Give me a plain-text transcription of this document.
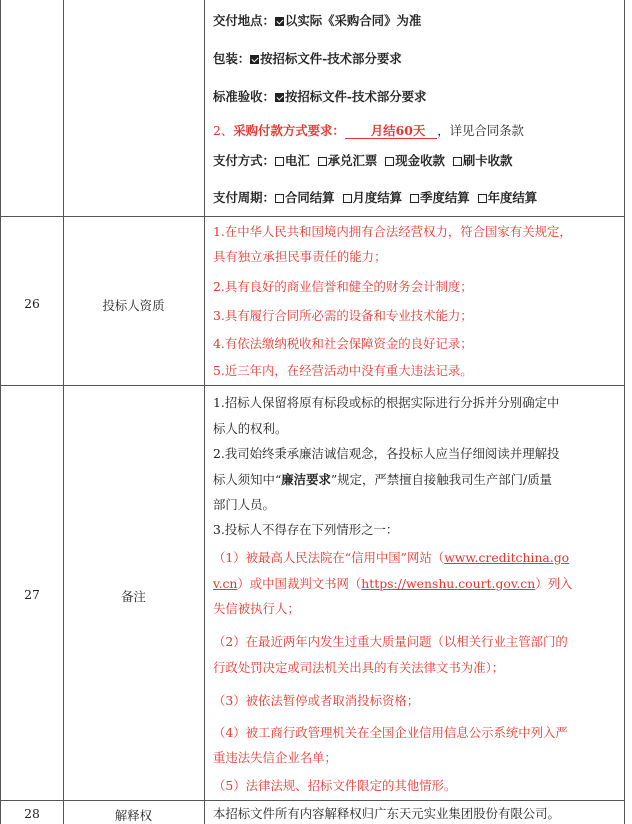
交付地点： 以实际《采购合同》为准
包装： 按招标文件-技术部分要求
标准验收： 按招标文件-技术部分要求
2、采购付款方式要求： 月结60天 ，详见合同条款
支付方式： 电汇 承兑汇票 现金收款 刷卡收款
支付周期： 合同结算 月度结算 季度结算 年度结算
26	投标人资质
1.在中华人民共和国境内拥有合法经营权力，符合国家有关规定，
具有独立承担民事责任的能力；
2.具有良好的商业信誉和健全的财务会计制度；
3.具有履行合同所必需的设备和专业技术能力；
4.有依法缴纳税收和社会保障资金的良好记录；
5.近三年内，在经营活动中没有重大违法记录。
27	备注
1.招标人保留将原有标段或标的根据实际进行分拆并分别确定中
标人的权利。
2.我司始终秉承廉洁诚信观念，各投标人应当仔细阅读并理解投
标人须知中“廉洁要求”规定，严禁擅自接触我司生产部门/质量
部门人员。
3.投标人不得存在下列情形之一：
（1）被最高人民法院在“信用中国”网站（www.creditchina.go
v.cn）或中国裁判文书网（https://wenshu.court.gov.cn）列入
失信被执行人；
（2）在最近两年内发生过重大质量问题（以相关行业主管部门的
行政处罚决定或司法机关出具的有关法律文书为准）；
（3）被依法暂停或者取消投标资格；
（4）被工商行政管理机关在全国企业信用信息公示系统中列入严
重违法失信企业名单；
（5）法律法规、招标文件限定的其他情形。
28	解释权	本招标文件所有内容解释权归广东天元实业集团股份有限公司。
